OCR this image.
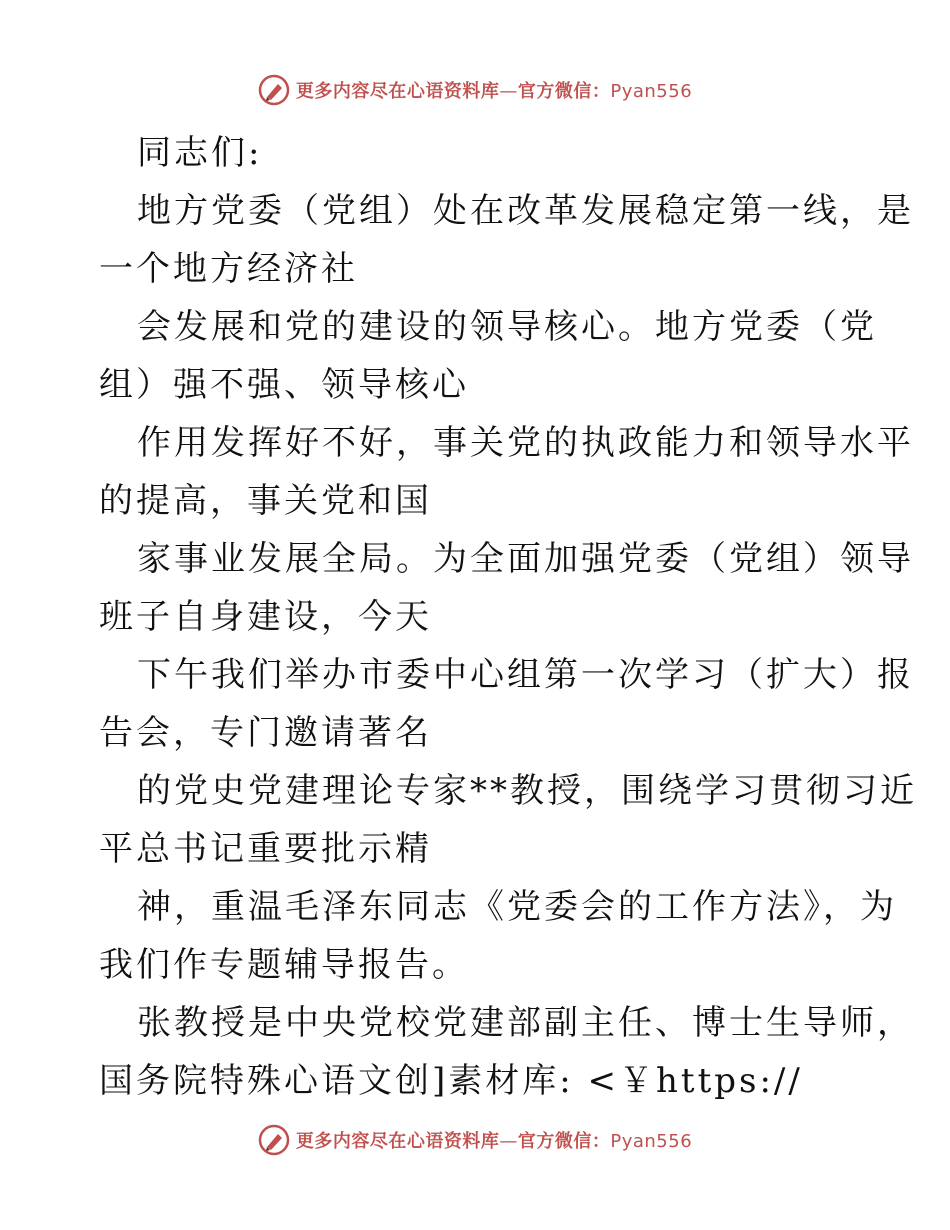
更多内容尽在心语资料库—官方微信：Pyan556
同志们:
地方党委（党组）处在改革发展稳定第一线，是
一个地方经济社
会发展和党的建设的领导核心。地方党委（党
组）强不强、领导核心
作用发挥好不好，事关党的执政能力和领导水平
的提高，事关党和国
家事业发展全局。为全面加强党委（党组）领导
班子自身建设，今天
下午我们举办市委中心组第一次学习（扩大）报
告会，专门邀请著名
的党史党建理论专家**教授，围绕学习贯彻习近
平总书记重要批示精
神，重温毛泽东同志《党委会的工作方法》，为
我们作专题辅导报告。
张教授是中央党校党建部副主任、博士生导师，
国务院特殊心语文创]素材库: <￥https://
更多内容尽在心语资料库—官方微信：Pyan556
